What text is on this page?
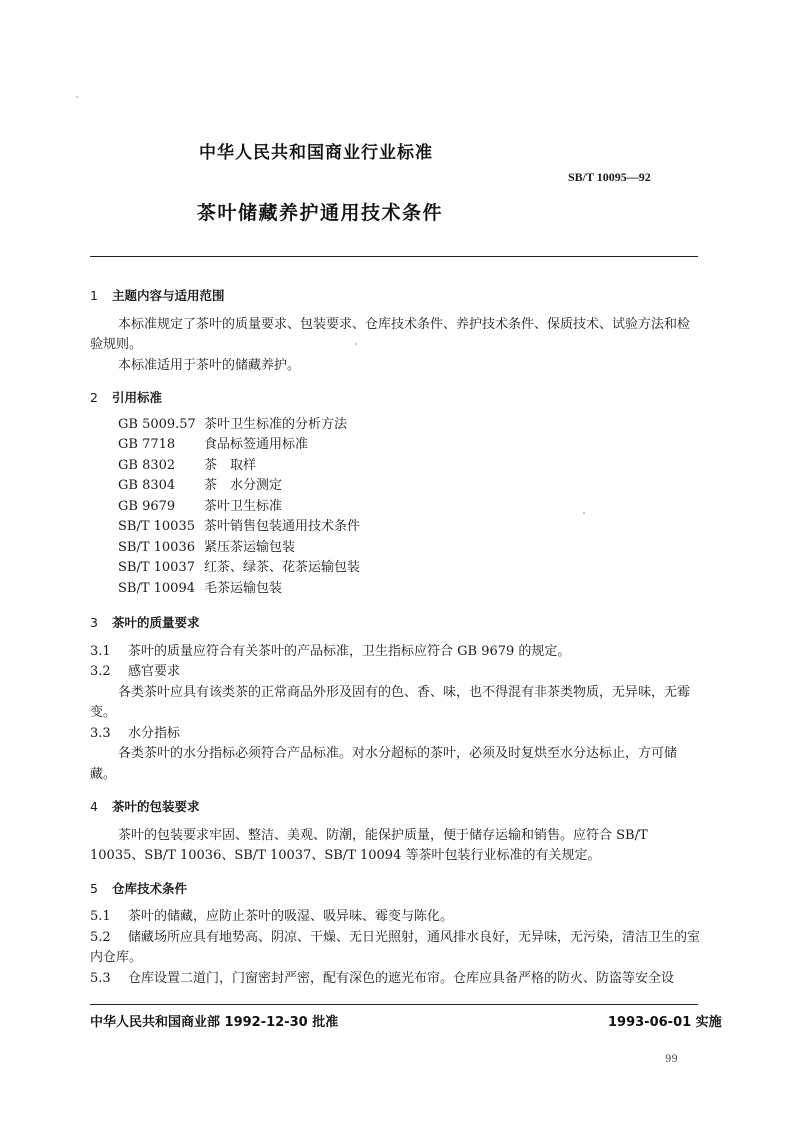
中华人民共和国商业行业标准
SB/T 10095—92
茶叶储藏养护通用技术条件
1 主题内容与适用范围

本标准规定了茶叶的质量要求、包装要求、仓库技术条件、养护技术条件、保质技术、试验方法和检验规则。

本标准适用于茶叶的储藏养护。

2 引用标准
GB 5009.57 茶叶卫生标准的分析方法
GB 7718	食品标签通用标准
GB 8302	茶　取样
GB 8304	茶　水分测定
GB 9679	茶叶卫生标准
SB/T 10035 茶叶销售包装通用技术条件
SB/T 10036 紧压茶运输包装
SB/T 10037 红茶、绿茶、花茶运输包装
SB/T 10094 毛茶运输包装
3 茶叶的质量要求

3.1 茶叶的质量应符合有关茶叶的产品标准，卫生指标应符合 GB 9679 的规定。

3.2 感官要求

各类茶叶应具有该类茶的正常商品外形及固有的色、香、味，也不得混有非茶类物质，无异味，无霉变。

3.3 水分指标

各类茶叶的水分指标必须符合产品标准。对水分超标的茶叶，必须及时复烘至水分达标止，方可储藏。

4 茶叶的包装要求

茶叶的包装要求牢固、整洁、美观、防潮，能保护质量，便于储存运输和销售。应符合 SB/T 10035、SB/T 10036、SB/T 10037、SB/T 10094 等茶叶包装行业标准的有关规定。

5 仓库技术条件

5.1 茶叶的储藏，应防止茶叶的吸湿、吸异味、霉变与陈化。

5.2 储藏场所应具有地势高、阴凉、干燥、无日光照射，通风排水良好，无异味，无污染，清洁卫生的室内仓库。

5.3 仓库设置二道门，门窗密封严密，配有深色的遮光布帘。仓库应具备严格的防火、防盗等安全设

中华人民共和国商业部 1992-12-30 批准	1993-06-01 实施
99
